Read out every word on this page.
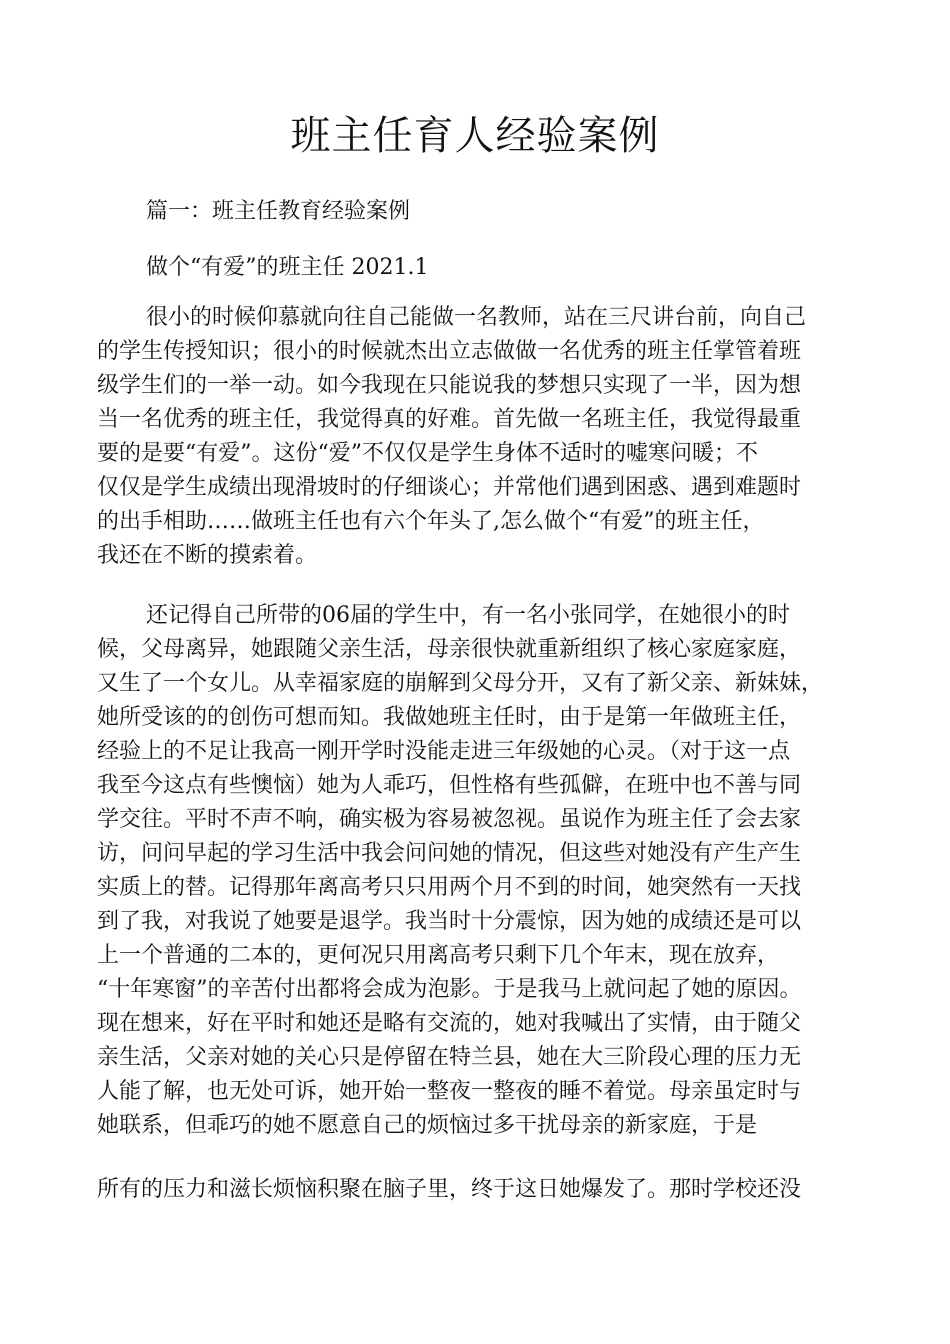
班主任育人经验案例

篇一：班主任教育经验案例

做个“有爱”的班主任 2021.1

很小的时候仰慕就向往自己能做一名教师，站在三尺讲台前，向自己

的学生传授知识；很小的时候就杰出立志做做一名优秀的班主任掌管着班

级学生们的一举一动。如今我现在只能说我的梦想只实现了一半，因为想

当一名优秀的班主任，我觉得真的好难。首先做一名班主任，我觉得最重

要的是要“有爱”。这份“爱”不仅仅是学生身体不适时的嘘寒问暖；不

仅仅是学生成绩出现滑坡时的仔细谈心；并常他们遇到困惑、遇到难题时

的出手相助……做班主任也有六个年头了,怎么做个“有爱”的班主任，

我还在不断的摸索着。

还记得自己所带的06届的学生中，有一名小张同学，在她很小的时

候，父母离异，她跟随父亲生活，母亲很快就重新组织了核心家庭家庭，

又生了一个女儿。从幸福家庭的崩解到父母分开，又有了新父亲、新妹妹，

她所受该的的创伤可想而知。我做她班主任时，由于是第一年做班主任，

经验上的不足让我高一刚开学时没能走进三年级她的心灵。（对于这一点

我至今这点有些懊恼）她为人乖巧，但性格有些孤僻，在班中也不善与同

学交往。平时不声不响，确实极为容易被忽视。虽说作为班主任了会去家

访，问问早起的学习生活中我会问问她的情况，但这些对她没有产生产生

实质上的替。记得那年离高考只只用两个月不到的时间，她突然有一天找

到了我，对我说了她要是退学。我当时十分震惊，因为她的成绩还是可以

上一个普通的二本的，更何况只用离高考只剩下几个年末，现在放弃，

“十年寒窗”的辛苦付出都将会成为泡影。于是我马上就问起了她的原因。

现在想来，好在平时和她还是略有交流的，她对我喊出了实情，由于随父

亲生活，父亲对她的关心只是停留在特兰县，她在大三阶段心理的压力无

人能了解，也无处可诉，她开始一整夜一整夜的睡不着觉。母亲虽定时与

她联系，但乖巧的她不愿意自己的烦恼过多干扰母亲的新家庭，于是

所有的压力和滋长烦恼积聚在脑子里，终于这日她爆发了。那时学校还没
